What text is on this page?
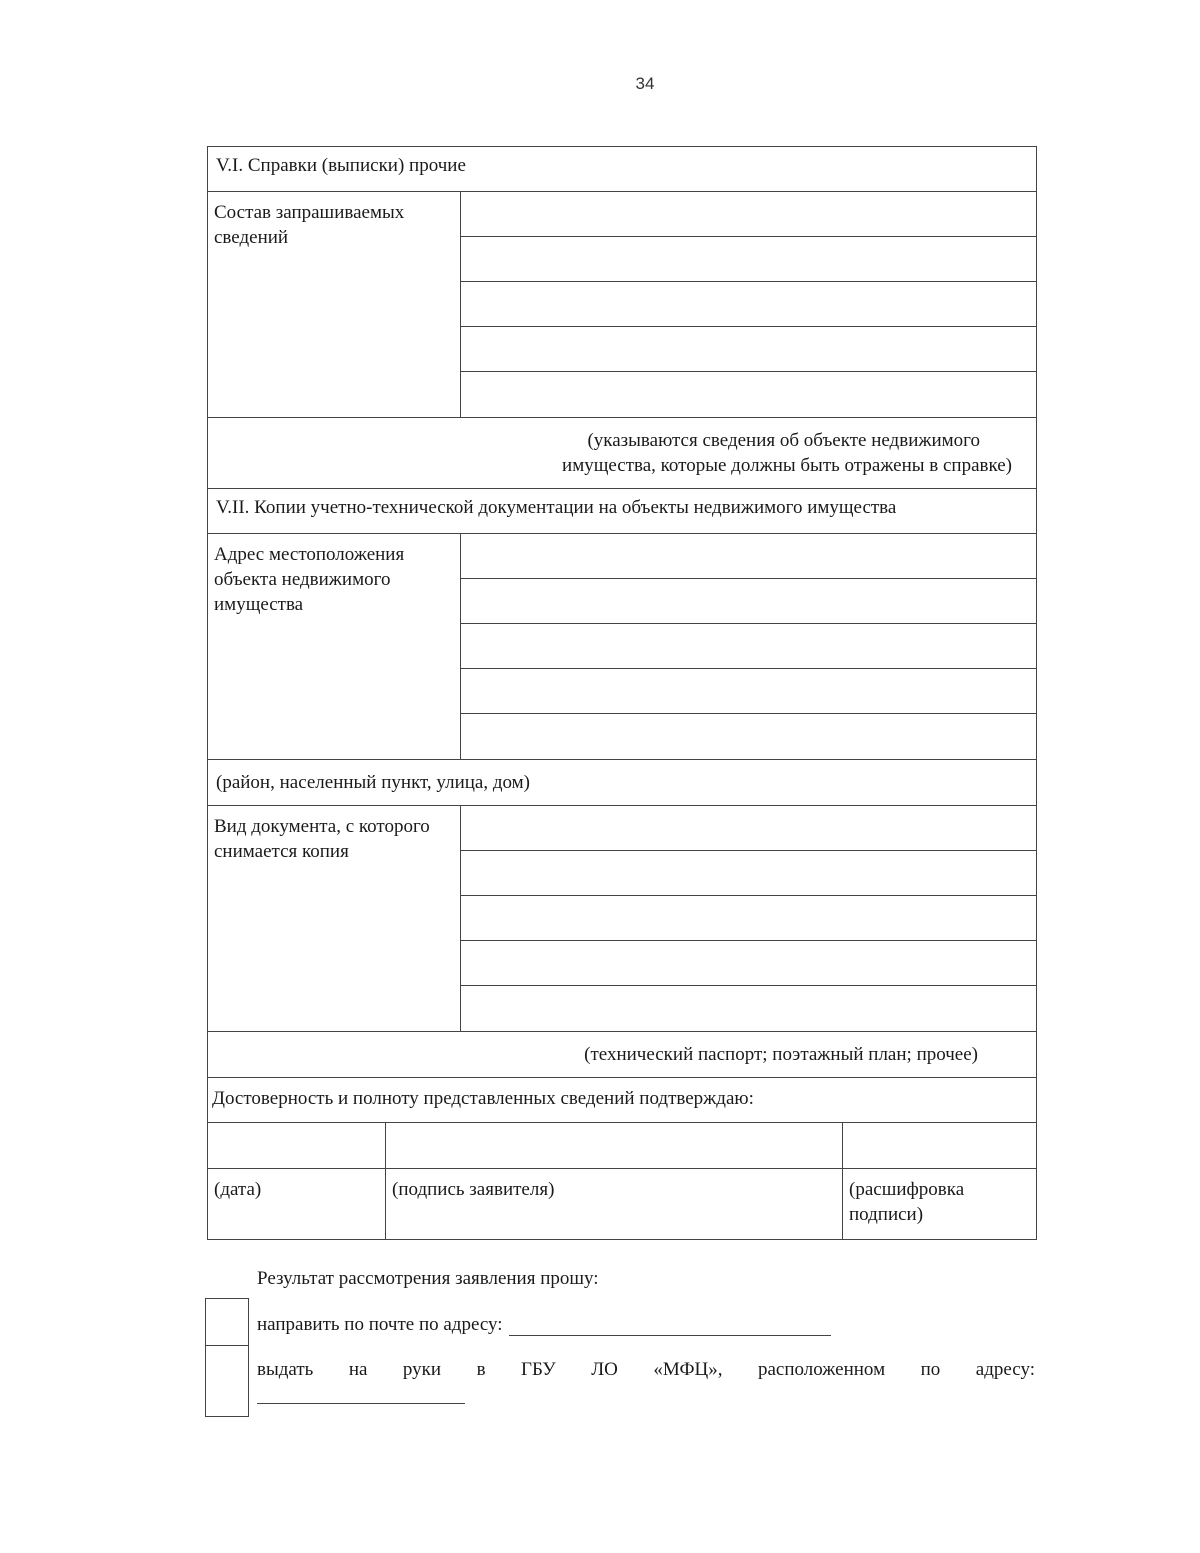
34
V.I. Справки (выписки) прочие
Состав запрашиваемых сведений
(указываются сведения об объекте недвижимого
имущества, которые должны быть отражены в справке)
V.II. Копии учетно-технической документации на объекты недвижимого имущества
Адрес местоположения объекта недвижимого имущества
(район, населенный пункт, улица, дом)
Вид документа, с которого снимается копия
(технический паспорт; поэтажный план; прочее)
Достоверность и полноту представленных сведений подтверждаю:
(дата)	(подпись заявителя)	(расшифровка подписи)
Результат рассмотрения заявления прошу:
направить по почте по адресу:
выдать на руки в ГБУ ЛО «МФЦ», расположенном по адресу:
